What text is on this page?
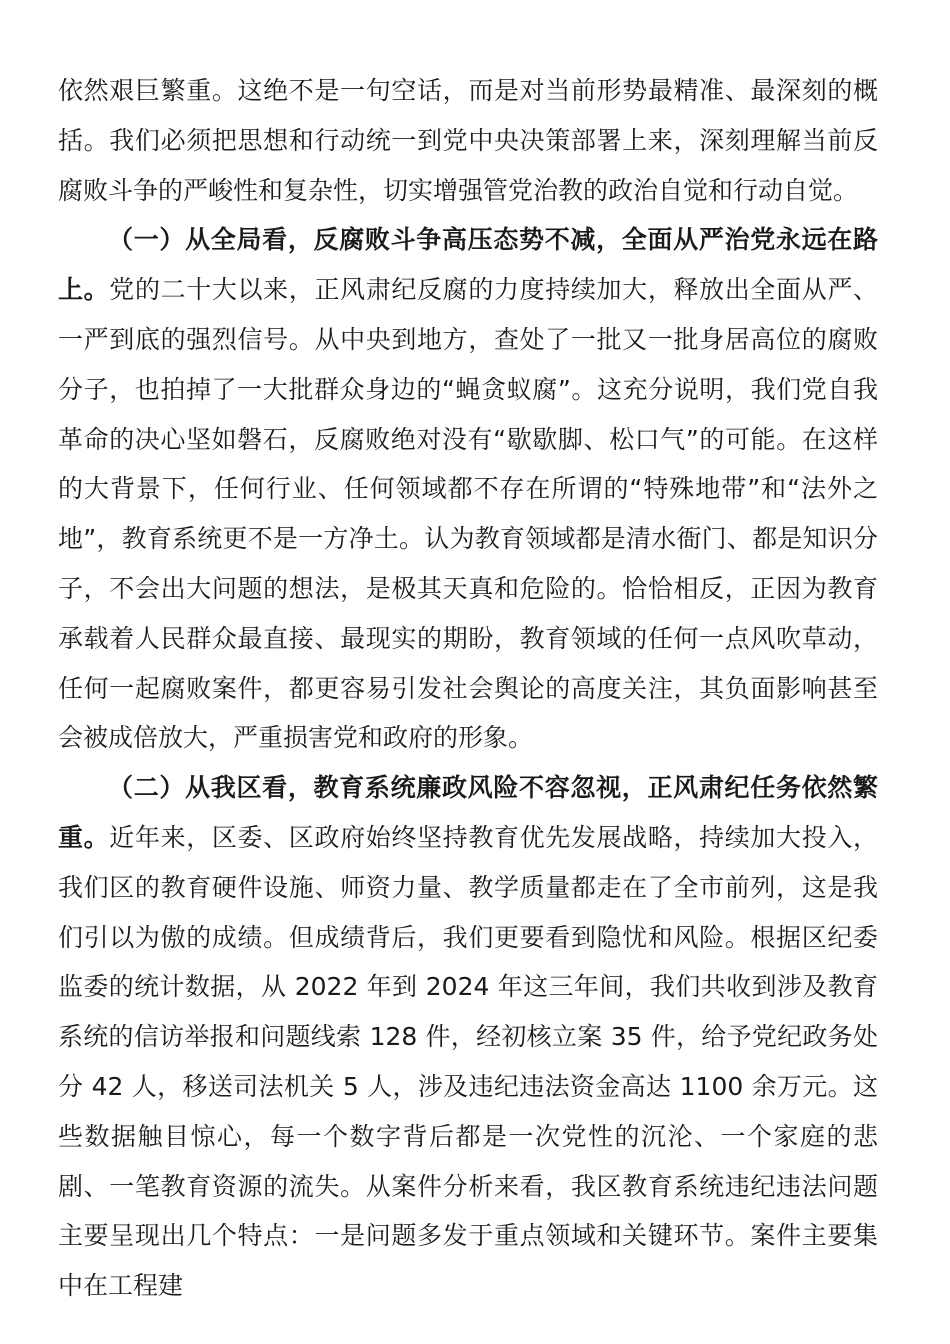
依然艰巨繁重。这绝不是一句空话，而是对当前形势最精准、最深刻的概括。我们必须把思想和行动统一到党中央决策部署上来，深刻理解当前反腐败斗争的严峻性和复杂性，切实增强管党治教的政治自觉和行动自觉。

（一）从全局看，反腐败斗争高压态势不减，全面从严治党永远在路上。党的二十大以来，正风肃纪反腐的力度持续加大，释放出全面从严、一严到底的强烈信号。从中央到地方，查处了一批又一批身居高位的腐败分子，也拍掉了一大批群众身边的“蝇贪蚁腐”。这充分说明，我们党自我革命的决心坚如磐石，反腐败绝对没有“歇歇脚、松口气”的可能。在这样的大背景下，任何行业、任何领域都不存在所谓的“特殊地带”和“法外之地”，教育系统更不是一方净土。认为教育领域都是清水衙门、都是知识分子，不会出大问题的想法，是极其天真和危险的。恰恰相反，正因为教育承载着人民群众最直接、最现实的期盼，教育领域的任何一点风吹草动，任何一起腐败案件，都更容易引发社会舆论的高度关注，其负面影响甚至会被成倍放大，严重损害党和政府的形象。

（二）从我区看，教育系统廉政风险不容忽视，正风肃纪任务依然繁重。近年来，区委、区政府始终坚持教育优先发展战略，持续加大投入，我们区的教育硬件设施、师资力量、教学质量都走在了全市前列，这是我们引以为傲的成绩。但成绩背后，我们更要看到隐忧和风险。根据区纪委监委的统计数据，从 2022 年到 2024 年这三年间，我们共收到涉及教育系统的信访举报和问题线索 128 件，经初核立案 35 件，给予党纪政务处分 42 人，移送司法机关 5 人，涉及违纪违法资金高达 1100 余万元。这些数据触目惊心，每一个数字背后都是一次党性的沉沦、一个家庭的悲剧、一笔教育资源的流失。从案件分析来看，我区教育系统违纪违法问题主要呈现出几个特点：一是问题多发于重点领域和关键环节。案件主要集中在工程建
